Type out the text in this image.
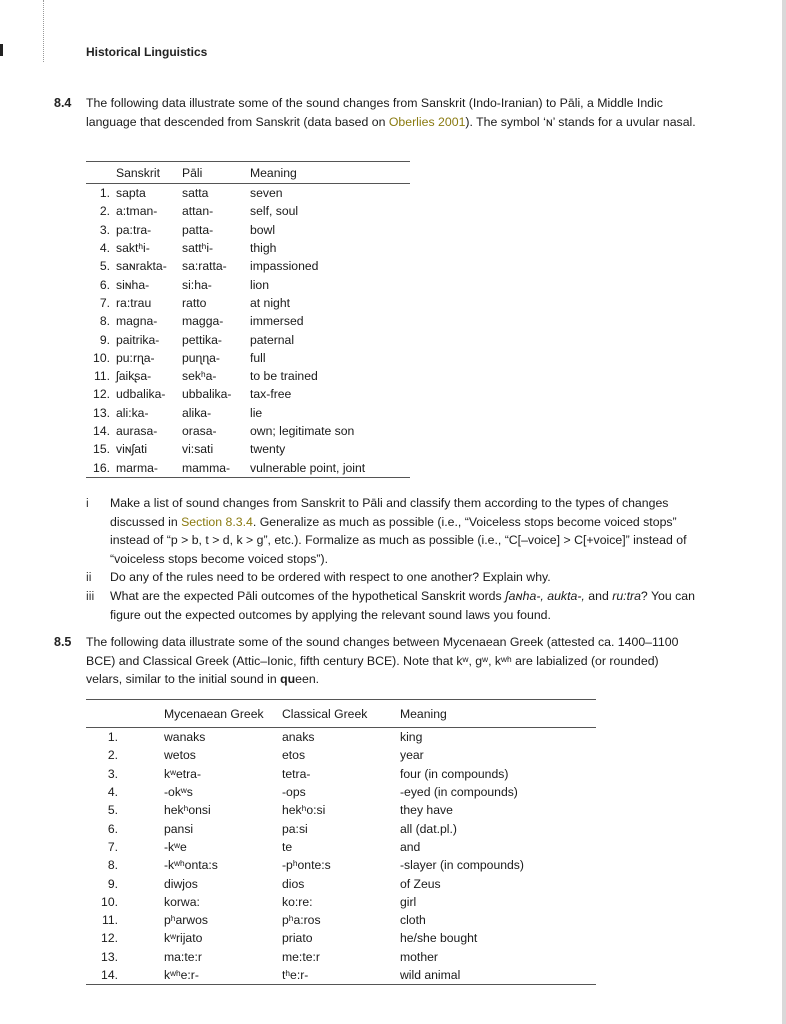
Historical Linguistics
8.4 The following data illustrate some of the sound changes from Sanskrit (Indo-Iranian) to Pāli, a Middle Indic language that descended from Sanskrit (data based on Oberlies 2001). The symbol ‘ɴ’ stands for a uvular nasal.
	Sanskrit	Pāli	Meaning
1.	sapta	satta	seven
2.	a:tman-	attan-	self, soul
3.	pa:tra-	patta-	bowl
4.	saktʰi-	sattʰi-	thigh
5.	saɴrakta-	sa:ratta-	impassioned
6.	siɴha-	si:ha-	lion
7.	ra:trau	ratto	at night
8.	magna-	magga-	immersed
9.	paitrika-	pettika-	paternal
10.	pu:rɳa-	puɳɳa-	full
11.	ʃaikʂa-	sekʰa-	to be trained
12.	udbalika-	ubbalika-	tax-free
13.	ali:ka-	alika-	lie
14.	aurasa-	orasa-	own; legitimate son
15.	viɴʃati	vi:sati	twenty
16.	marma-	mamma-	vulnerable point, joint
i	Make a list of sound changes from Sanskrit to Pāli and classify them according to the types of changes discussed in Section 8.3.4. Generalize as much as possible (i.e., “Voiceless stops become voiced stops” instead of “p > b, t > d, k > g”, etc.). Formalize as much as possible (i.e., “C[–voice] > C[+voice]” instead of “voiceless stops become voiced stops”).
ii	Do any of the rules need to be ordered with respect to one another? Explain why.
iii	What are the expected Pāli outcomes of the hypothetical Sanskrit words ʃaɴha-, aukta-, and ru:tra? You can figure out the expected outcomes by applying the relevant sound laws you found.
8.5 The following data illustrate some of the sound changes between Mycenaean Greek (attested ca. 1400–1100 BCE) and Classical Greek (Attic–Ionic, fifth century BCE). Note that kʷ, gʷ, kʷʰ are labialized (or rounded) velars, similar to the initial sound in queen.
	Mycenaean Greek	Classical Greek	Meaning
1.	wanaks	anaks	king
2.	wetos	etos	year
3.	kʷetra-	tetra-	four (in compounds)
4.	-okʷs	-ops	-eyed (in compounds)
5.	hekʰonsi	hekʰo:si	they have
6.	pansi	pa:si	all (dat.pl.)
7.	-kʷe	te	and
8.	-kʷʰonta:s	-pʰonte:s	-slayer (in compounds)
9.	diwjos	dios	of Zeus
10.	korwa:	ko:re:	girl
11.	pʰarwos	pʰa:ros	cloth
12.	kʷrijato	priato	he/she bought
13.	ma:te:r	me:te:r	mother
14.	kʷʰe:r-	tʰe:r-	wild animal
